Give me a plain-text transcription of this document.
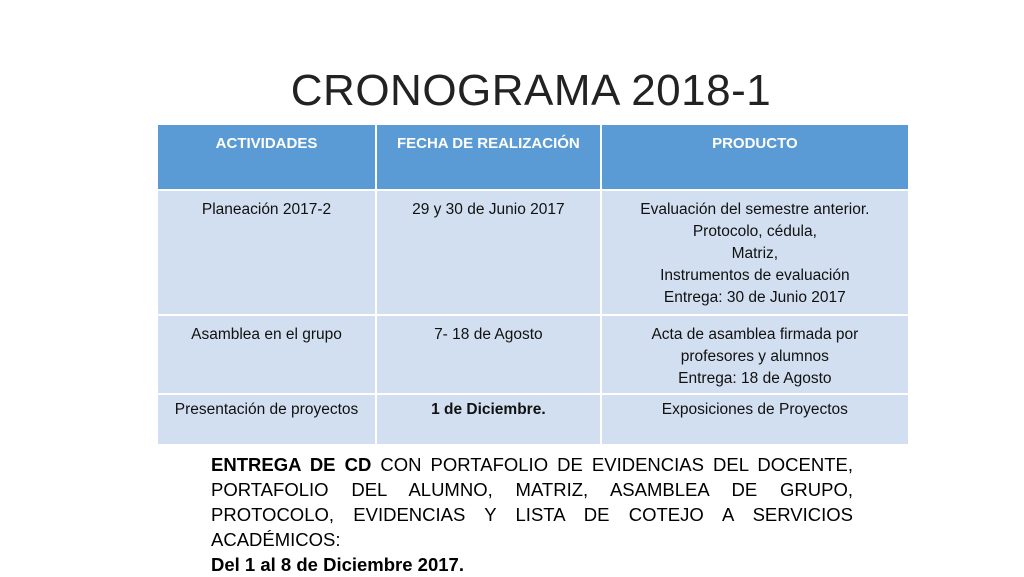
CRONOGRAMA 2018-1
ACTIVIDADES	FECHA DE REALIZACIÓN	PRODUCTO
Planeación 2017-2	29 y 30 de Junio 2017	Evaluación del semestre anterior.
Protocolo, cédula,
Matriz,
Instrumentos de evaluación
Entrega: 30 de Junio 2017

Asamblea en el grupo	7- 18 de Agosto	Acta de asamblea firmada por
profesores y alumnos
Entrega: 18 de Agosto

Presentación de proyectos	1 de Diciembre.	Exposiciones de Proyectos
ENTREGA DE CD CON PORTAFOLIO DE EVIDENCIAS DEL DOCENTE, PORTAFOLIO DEL ALUMNO, MATRIZ, ASAMBLEA DE GRUPO, PROTOCOLO, EVIDENCIAS Y LISTA DE COTEJO A SERVICIOS ACADÉMICOS:
Del 1 al 8 de Diciembre 2017.
